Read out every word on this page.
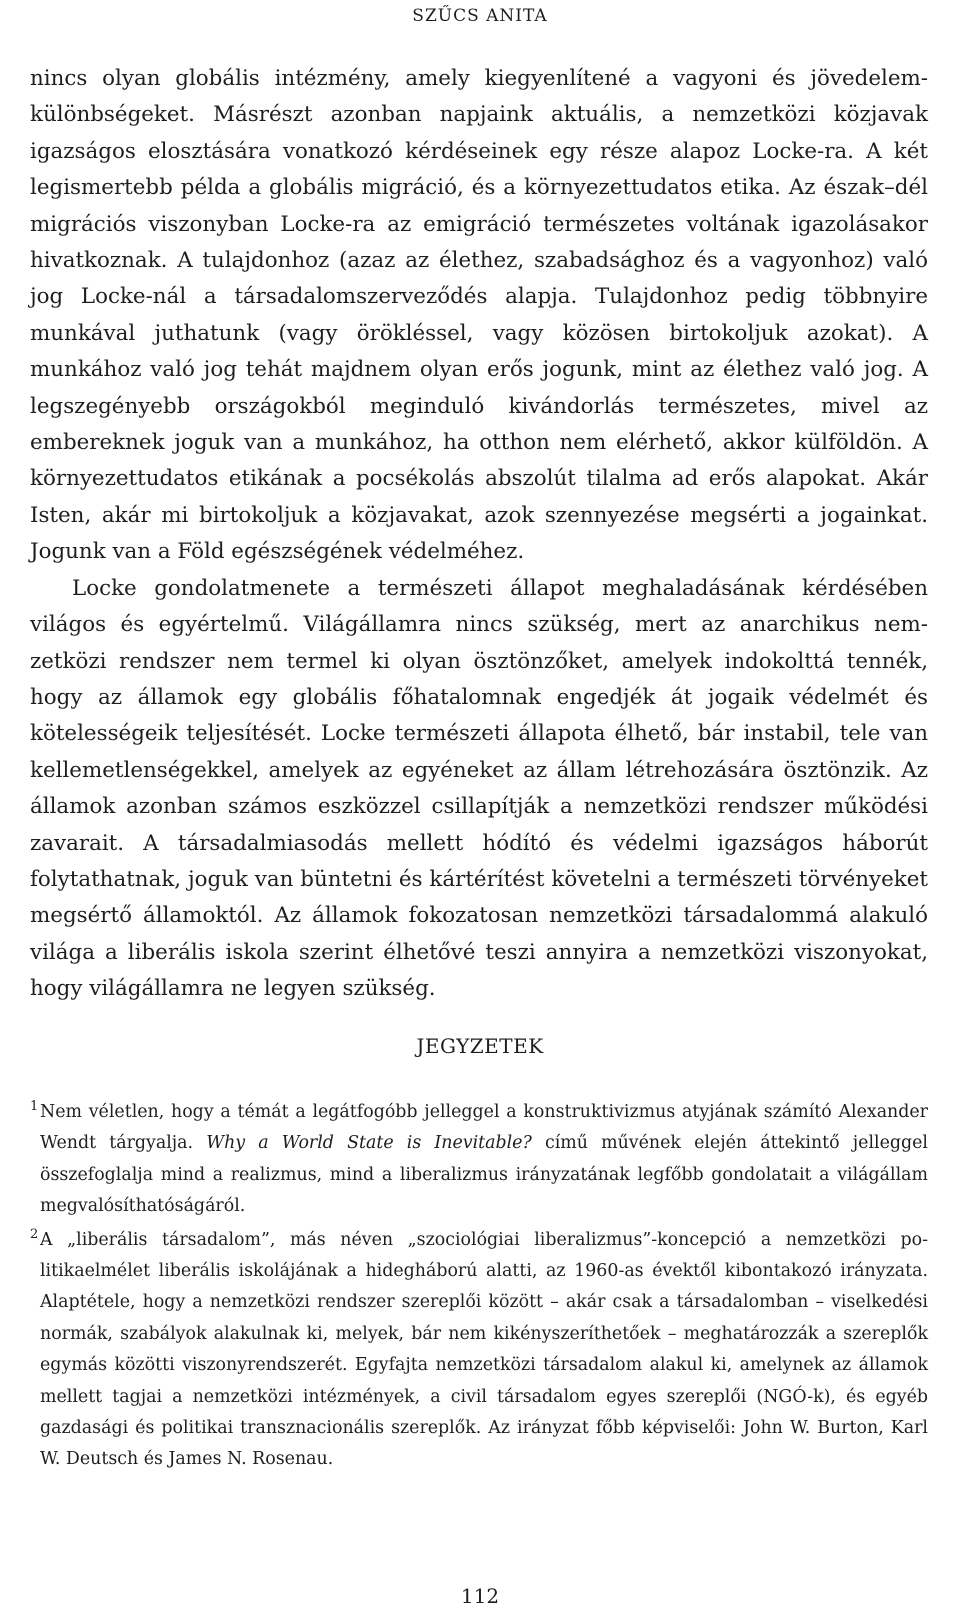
SZŰCS ANITA

nincs olyan globális intézmény, amely kiegyenlítené a vagyoni és jövedelemkülönbségeket. Másrészt azonban napjaink aktuális, a nemzetközi közjavak igazságos elosztására vonatkozó kérdéseinek egy része alapoz Locke-ra. A két legismertebb példa a globális migráció, és a környezettudatos etika. Az észak–dél migrációs viszonyban Locke-ra az emigráció természetes voltának igazolásakor hivatkoznak. A tulajdonhoz (azaz az élethez, szabadsághoz és a vagyonhoz) való jog Locke-nál a társadalomszerveződés alapja. Tulajdonhoz pedig többnyire munkával juthatunk (vagy örökléssel, vagy közösen birtokoljuk azokat). A munkához való jog tehát majdnem olyan erős jogunk, mint az élethez való jog. A legszegényebb országokból meginduló kivándorlás természetes, mivel az embereknek joguk van a munkához, ha otthon nem elérhető, akkor külföldön. A környezettudatos etikának a pocsékolás abszolút tilalma ad erős alapokat. Akár Isten, akár mi birtokoljuk a közjavakat, azok szennyezése megsérti a jogainkat. Jogunk van a Föld egészségének védelméhez.

Locke gondolatmenete a természeti állapot meghaladásának kérdésében világos és egyértelmű. Világállamra nincs szükség, mert az anarchikus nemzetközi rendszer nem termel ki olyan ösztönzőket, amelyek indokolttá tennék, hogy az államok egy globális főhatalomnak engedjék át jogaik védelmét és kötelességeik teljesítését. Locke természeti állapota élhető, bár instabil, tele van kellemetlenségekkel, amelyek az egyéneket az állam létrehozására ösztönzik. Az államok azonban számos eszközzel csillapítják a nemzetközi rendszer működési zavarait. A társadalmiasodás mellett hódító és védelmi igazságos háborút folytathatnak, joguk van büntetni és kártérítést követelni a természeti törvényeket megsértő államoktól. Az államok fokozatosan nemzetközi társadalommá alakuló világa a liberális iskola szerint élhetővé teszi annyira a nemzetközi viszonyokat, hogy világállamra ne legyen szükség.

JEGYZETEK
1 Nem véletlen, hogy a témát a legátfogóbb jelleggel a konstruktivizmus atyjának számító Alexander Wendt tárgyalja. Why a World State is Inevitable? című művének elején áttekintő jelleggel összefoglalja mind a realizmus, mind a liberalizmus irányzatának legfőbb gondolatait a világállam megvalósíthatóságáról.
2 A „liberális társadalom”, más néven „szociológiai liberalizmus”-koncepció a nemzetközi politikaelmélet liberális iskolájának a hidegháború alatti, az 1960-as évektől kibontakozó irányzata. Alaptétele, hogy a nemzetközi rendszer szereplői között – akár csak a társadalomban – viselkedési normák, szabályok alakulnak ki, melyek, bár nem kikényszeríthetőek – meghatározzák a szereplők egymás közötti viszonyrendszerét. Egyfajta nemzetközi társadalom alakul ki, amelynek az államok mellett tagjai a nemzetközi intézmények, a civil társadalom egyes szereplői (NGÓ-k), és egyéb gazdasági és politikai transznacionális szereplők. Az irányzat főbb képviselői: John W. Burton, Karl W. Deutsch és James N. Rosenau.
112
